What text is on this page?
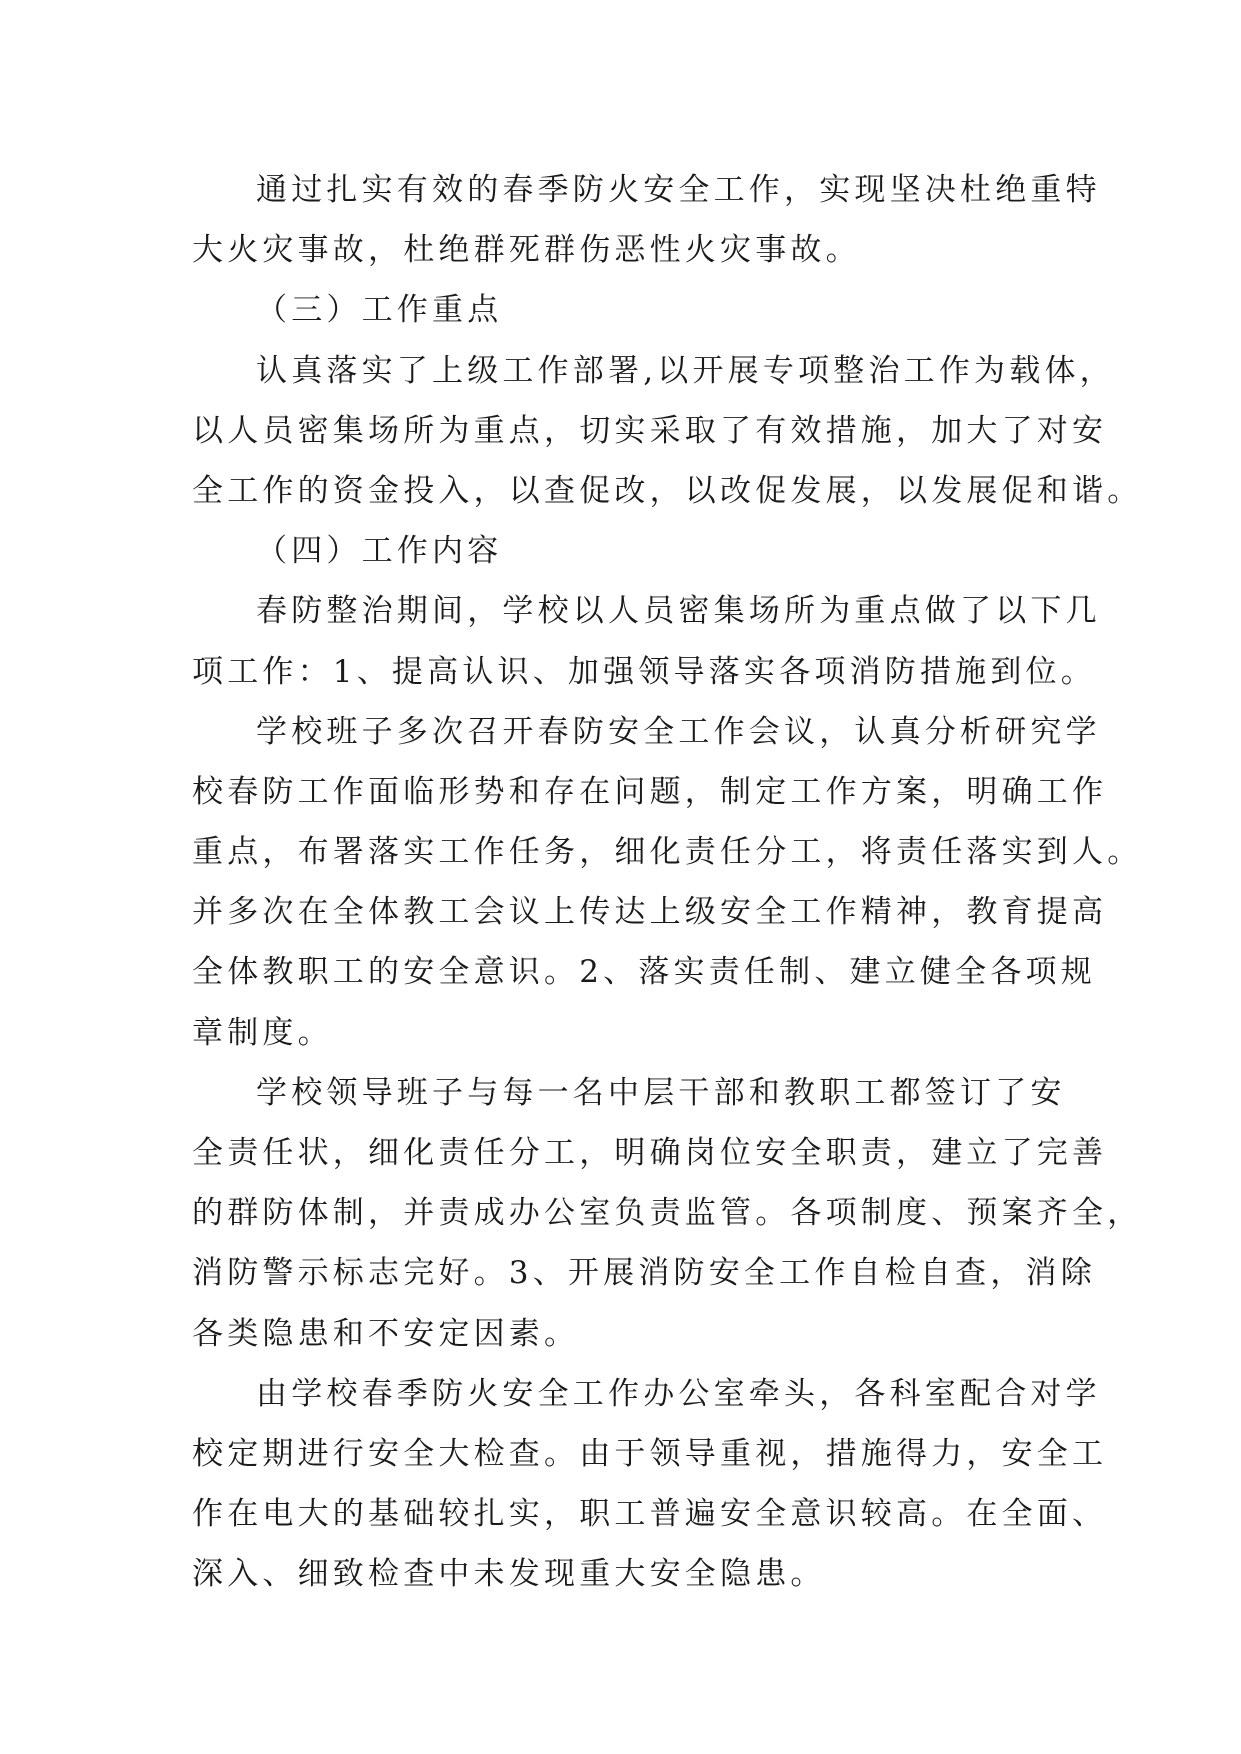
通过扎实有效的春季防火安全工作，实现坚决杜绝重特
大火灾事故，杜绝群死群伤恶性火灾事故。
（三）工作重点
认真落实了上级工作部署,以开展专项整治工作为载体，
以人员密集场所为重点，切实采取了有效措施，加大了对安
全工作的资金投入，以查促改，以改促发展，以发展促和谐。
（四）工作内容
春防整治期间，学校以人员密集场所为重点做了以下几
项工作：1、提高认识、加强领导落实各项消防措施到位。
学校班子多次召开春防安全工作会议，认真分析研究学
校春防工作面临形势和存在问题，制定工作方案，明确工作
重点，布署落实工作任务，细化责任分工，将责任落实到人。
并多次在全体教工会议上传达上级安全工作精神，教育提高
全体教职工的安全意识。2、落实责任制、建立健全各项规
章制度。
学校领导班子与每一名中层干部和教职工都签订了安
全责任状，细化责任分工，明确岗位安全职责，建立了完善
的群防体制，并责成办公室负责监管。各项制度、预案齐全，
消防警示标志完好。3、开展消防安全工作自检自查，消除
各类隐患和不安定因素。
由学校春季防火安全工作办公室牵头，各科室配合对学
校定期进行安全大检查。由于领导重视，措施得力，安全工
作在电大的基础较扎实，职工普遍安全意识较高。在全面、
深入、细致检查中未发现重大安全隐患。
